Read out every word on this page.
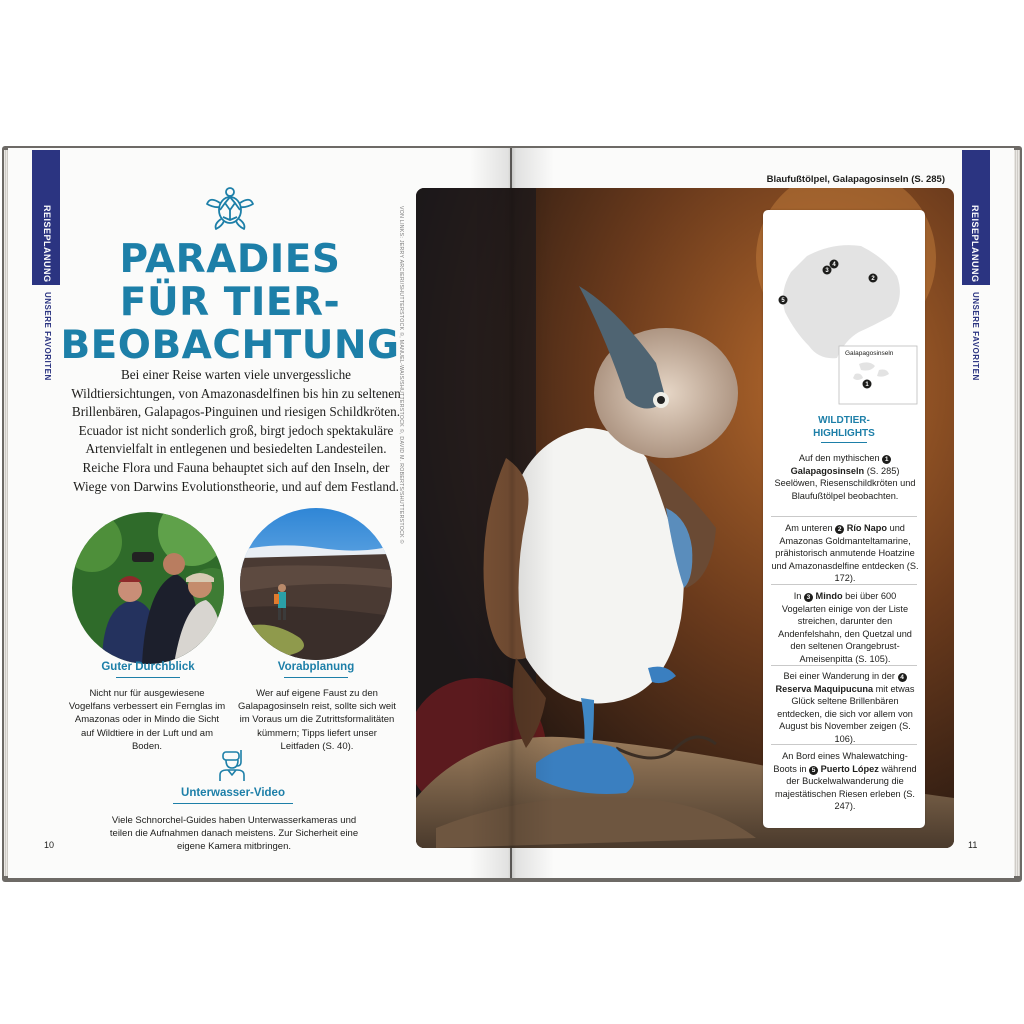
REISEPLANUNG
UNSERE FAVORITEN
PARADIES
FÜR TIER-
BEOBACHTUNG
Bei einer Reise warten viele unvergessliche Wildtiersichtungen, von Amazonasdelfinen bis hin zu seltenen Brillenbären, Galapagos-Pinguinen und riesigen Schildkröten. Ecuador ist nicht sonderlich groß, birgt jedoch spektakuläre Artenvielfalt in entlegenen und besiedelten Landesteilen. Reiche Flora und Fauna behauptet sich auf den Inseln, der Wiege von Darwins Evolutionstheorie, und auf dem Festland.
Guter Durchblick
Nicht nur für ausgewiesene Vogelfans verbessert ein Fernglas im Amazonas oder in Mindo die Sicht auf Wildtiere in der Luft und am Boden.
Vorabplanung
Wer auf eigene Faust zu den Galapagosinseln reist, sollte sich weit im Voraus um die Zutrittsformalitäten kümmern; Tipps liefert unser Leitfaden (S. 40).
Unterwasser-Video
Viele Schnorchel-Guides haben Unterwasserkameras und teilen die Aufnahmen danach meistens. Zur Sicherheit eine eigene Kamera mitbringen.
10
VON LINKS: JERRY ARCIERI/SHUTTERSTOCK ©, MANUEL-WAIS/SHUTTERSTOCK ©, DAVID M. ROBERTS/SHUTTERSTOCK ©
Blaufußtölpel, Galapagosinseln (S. 285)
REISEPLANUNG
UNSERE FAVORITEN
Galapagosinseln
1
2
3
4
5
WILDTIER-
HIGHLIGHTS
Auf den mythischen 1 Galapagosinseln (S. 285) Seelöwen, Riesenschildkröten und Blaufußtölpel beobachten.
Am unteren 2 Río Napo und Amazonas Goldmanteltamarine, prähistorisch anmutende Hoatzine und Amazonasdelfine entdecken (S. 172).
In 3 Mindo bei über 600 Vogelarten einige von der Liste streichen, darunter den Andenfelshahn, den Quetzal und den seltenen Orangebrust-Ameisenpitta (S. 105).
Bei einer Wanderung in der 4 Reserva Maquipucuna mit etwas Glück seltene Brillenbären entdecken, die sich vor allem von August bis November zeigen (S. 106).
An Bord eines Whalewatching-Boots in 5 Puerto López während der Buckelwalwanderung die majestätischen Riesen erleben (S. 247).
11
